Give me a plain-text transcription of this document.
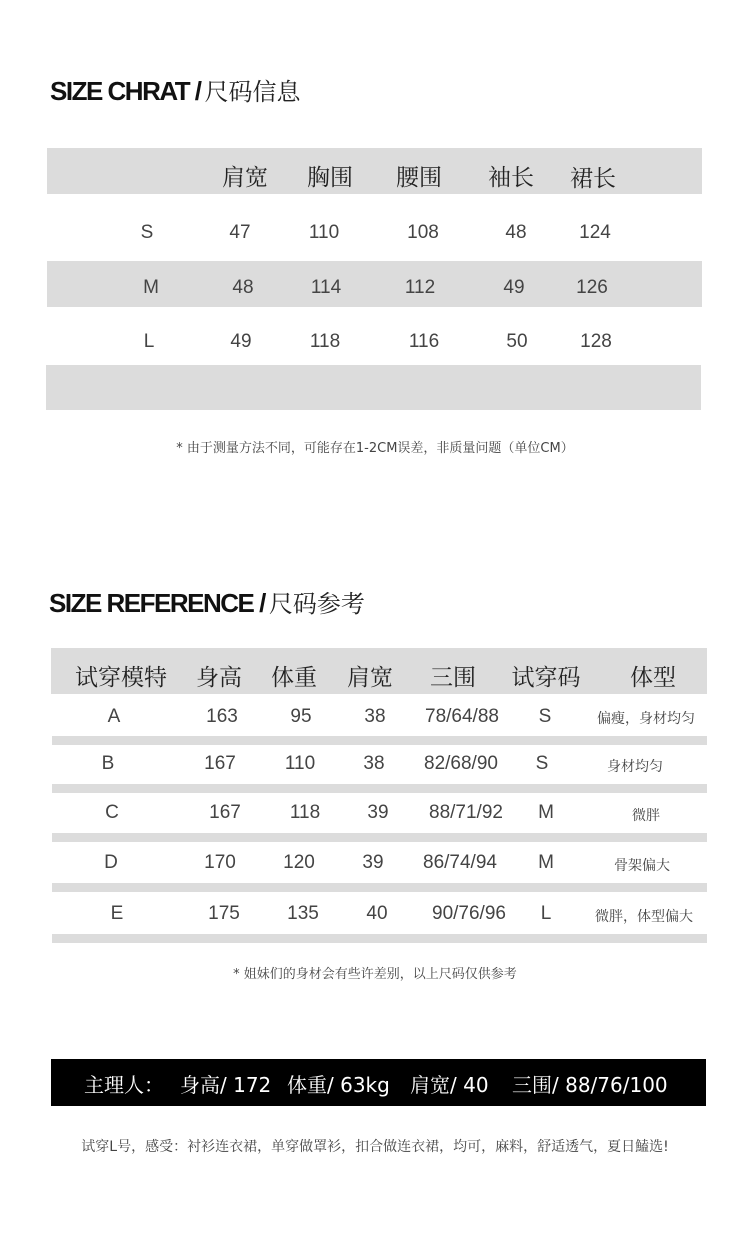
SIZE CHRAT / 尺码信息
肩宽 胸围 腰围 袖长 裙长
S	47	110	108	48	124
M	48	114	112	49	126
L	49	118	116	50	128
* 由于测量方法不同，可能存在1-2CM误差，非质量问题（单位CM）
SIZE REFERENCE / 尺码参考
试穿模特 身高 体重 肩宽 三围 试穿码 体型
A	163	95	38 78/64/88 S	偏瘦，身材均匀
B	167	110	38 82/68/90 S	身材均匀
C	167	118 39 88/71/92 M	微胖
D	170 120	39 86/74/94 M	骨架偏大
E	175 135	40 90/76/96 L	微胖，体型偏大
* 姐妹们的身材会有些许差别，以上尺码仅供参考
主理人： 身高/ 172 体重/ 63kg 肩宽/ 40 三围/ 88/76/100
试穿L号，感受：衬衫连衣裙，单穿做罩衫，扣合做连衣裙，均可，麻料，舒适透气，夏日鰪选!
